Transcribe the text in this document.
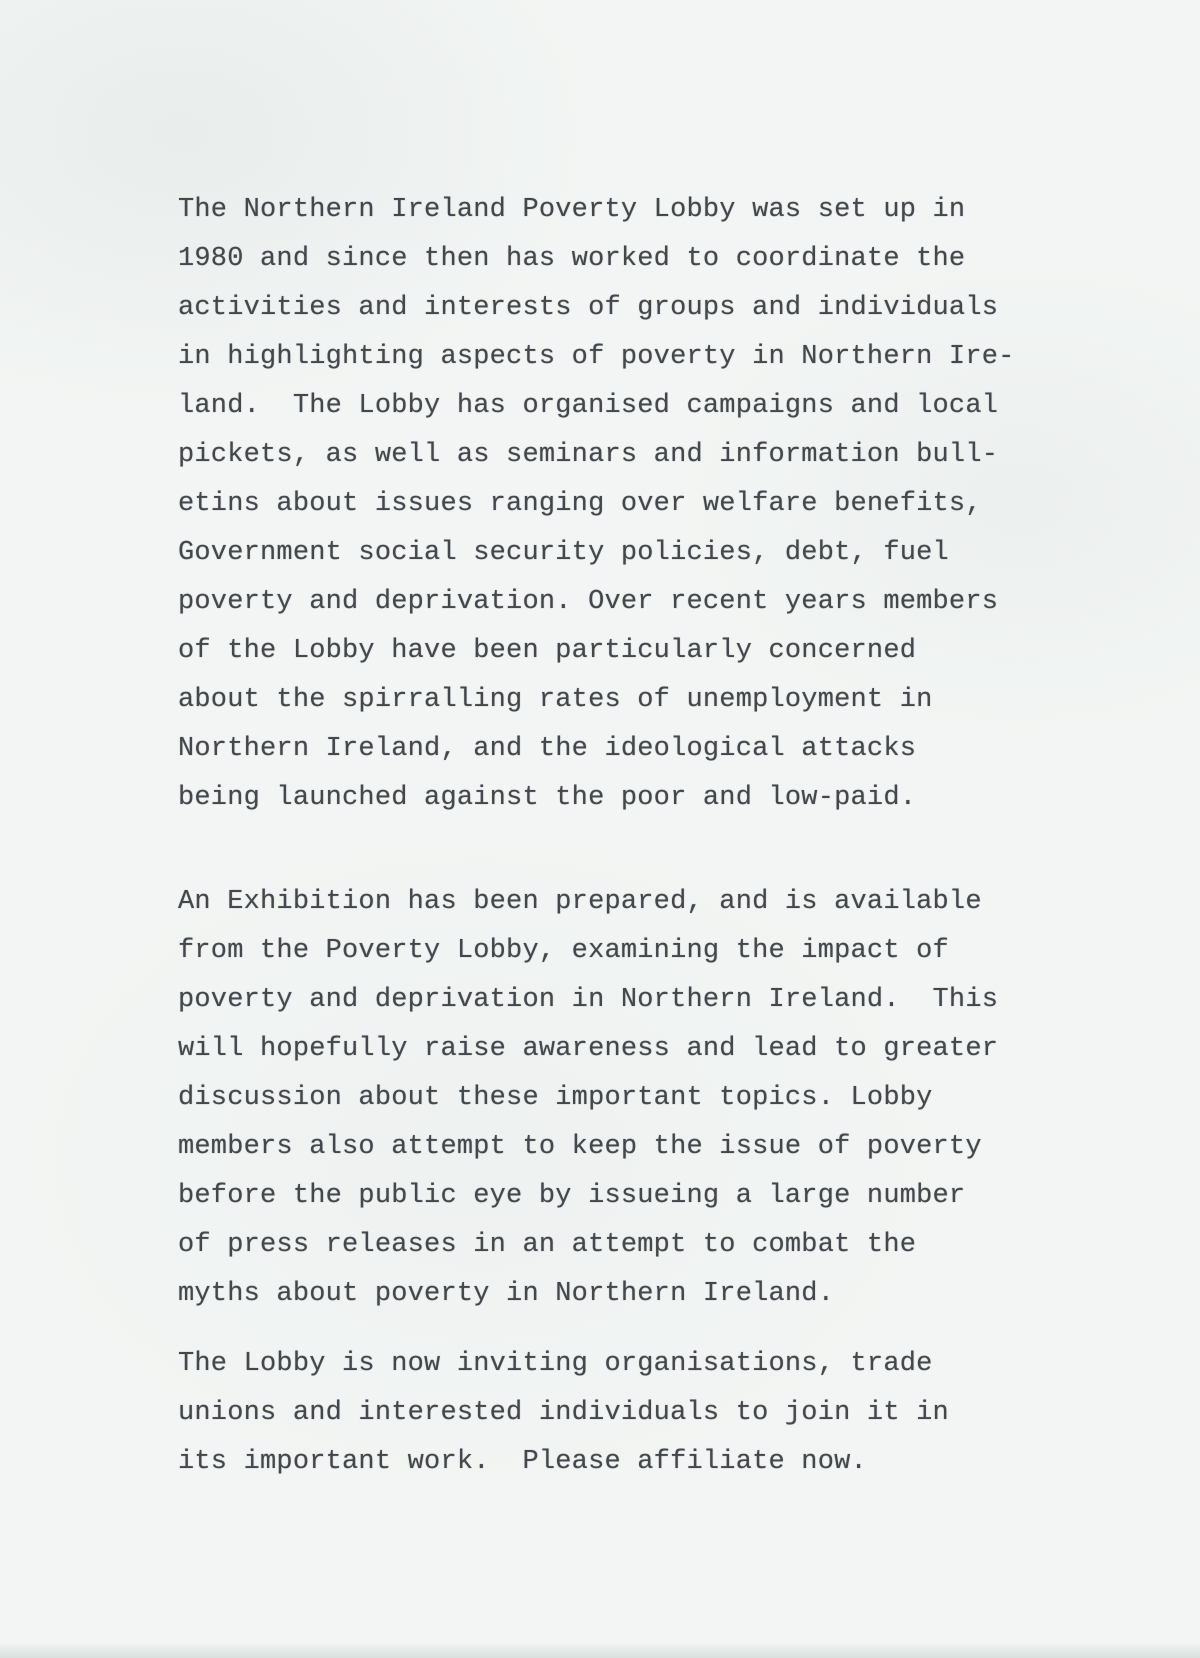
The Northern Ireland Poverty Lobby was set up in
1980 and since then has worked to coordinate the
activities and interests of groups and individuals
in highlighting aspects of poverty in Northern Ire-
land.  The Lobby has organised campaigns and local
pickets, as well as seminars and information bull-
etins about issues ranging over welfare benefits,
Government social security policies, debt, fuel
poverty and deprivation. Over recent years members
of the Lobby have been particularly concerned
about the spirralling rates of unemployment in
Northern Ireland, and the ideological attacks
being launched against the poor and low-paid.
An Exhibition has been prepared, and is available
from the Poverty Lobby, examining the impact of
poverty and deprivation in Northern Ireland.  This
will hopefully raise awareness and lead to greater
discussion about these important topics. Lobby
members also attempt to keep the issue of poverty
before the public eye by issueing a large number
of press releases in an attempt to combat the
myths about poverty in Northern Ireland.
The Lobby is now inviting organisations, trade
unions and interested individuals to join it in
its important work.  Please affiliate now.
